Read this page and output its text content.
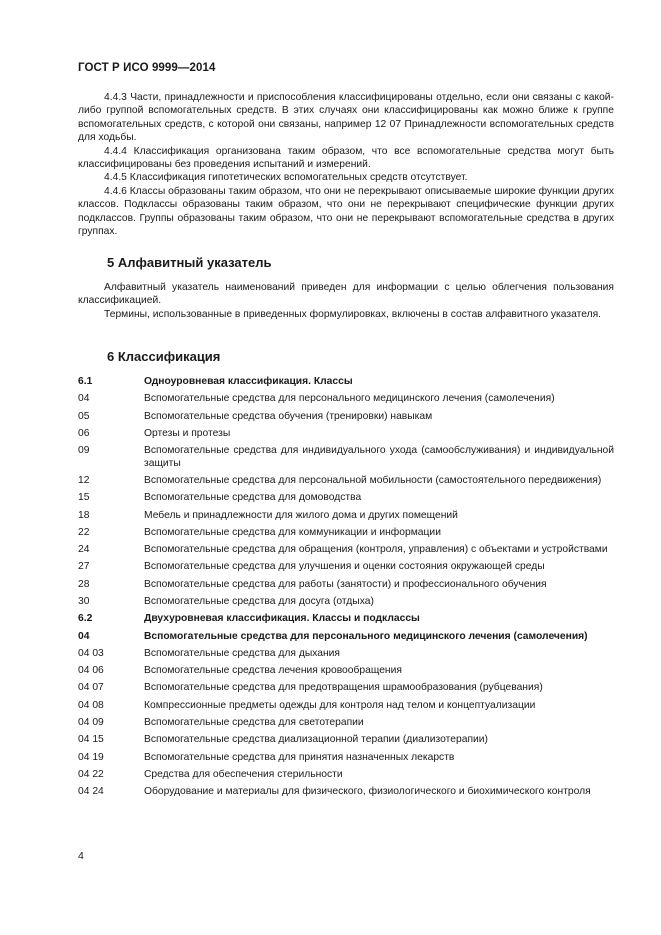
ГОСТ Р ИСО 9999—2014

4.4.3 Части, принадлежности и приспособления классифицированы отдельно, если они связаны с какой-либо группой вспомогательных средств. В этих случаях они классифицированы как можно ближе к группе вспомогательных средств, с которой они связаны, например 12 07 Принадлежности вспомогательных средств для ходьбы.

4.4.4 Классификация организована таким образом, что все вспомогательные средства могут быть классифицированы без проведения испытаний и измерений.

4.4.5 Классификация гипотетических вспомогательных средств отсутствует.

4.4.6 Классы образованы таким образом, что они не перекрывают описываемые широкие функции других классов. Подклассы образованы таким образом, что они не перекрывают специфические функции других подклассов. Группы образованы таким образом, что они не перекрывают вспомогательные средства в других группах.

5 Алфавитный указатель

Алфавитный указатель наименований приведен для информации с целью облегчения пользования классификацией.

Термины, использованные в приведенных формулировках, включены в состав алфавитного указателя.

6 Классификация
6.1	Одноуровневая классификация. Классы
04	Вспомогательные средства для персонального медицинского лечения (самолечения)
05	Вспомогательные средства обучения (тренировки) навыкам
06	Ортезы и протезы
09	Вспомогательные средства для индивидуального ухода (самообслуживания) и индивидуальной защиты
12	Вспомогательные средства для персональной мобильности (самостоятельного передвижения)
15	Вспомогательные средства для домоводства
18	Мебель и принадлежности для жилого дома и других помещений
22	Вспомогательные средства для коммуникации и информации
24	Вспомогательные средства для обращения (контроля, управления) с объектами и устройствами
27	Вспомогательные средства для улучшения и оценки состояния окружающей среды
28	Вспомогательные средства для работы (занятости) и профессионального обучения
30	Вспомогательные средства для досуга (отдыха)
6.2	Двухуровневая классификация. Классы и подклассы
04	Вспомогательные средства для персонального медицинского лечения (самолечения)
04 03	Вспомогательные средства для дыхания
04 06	Вспомогательные средства лечения кровообращения
04 07	Вспомогательные средства для предотвращения шрамообразования (рубцевания)
04 08	Компрессионные предметы одежды для контроля над телом и концептуализации
04 09	Вспомогательные средства для светотерапии
04 15	Вспомогательные средства диализационной терапии (диализотерапии)
04 19	Вспомогательные средства для принятия назначенных лекарств
04 22	Средства для обеспечения стерильности
04 24	Оборудование и материалы для физического, физиологического и биохимического контроля
4
